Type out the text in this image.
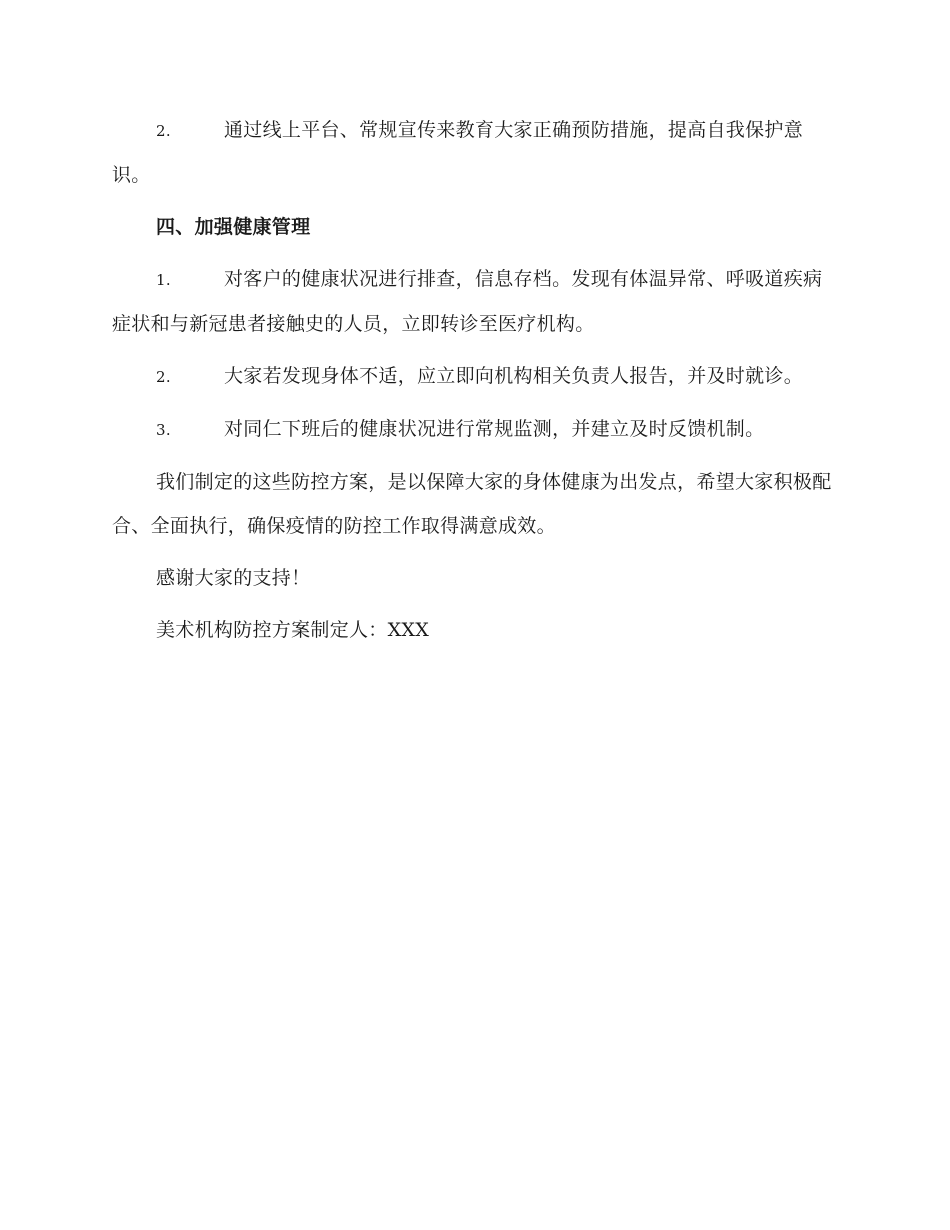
2.	通过线上平台、常规宣传来教育大家正确预防措施，提高自我保护意识。

四、加强健康管理

1.	对客户的健康状况进行排查，信息存档。发现有体温异常、呼吸道疾病症状和与新冠患者接触史的人员，立即转诊至医疗机构。

2.	大家若发现身体不适，应立即向机构相关负责人报告，并及时就诊。

3.	对同仁下班后的健康状况进行常规监测，并建立及时反馈机制。

我们制定的这些防控方案，是以保障大家的身体健康为出发点，希望大家积极配合、全面执行，确保疫情的防控工作取得满意成效。

感谢大家的支持！

美术机构防控方案制定人：XXX
